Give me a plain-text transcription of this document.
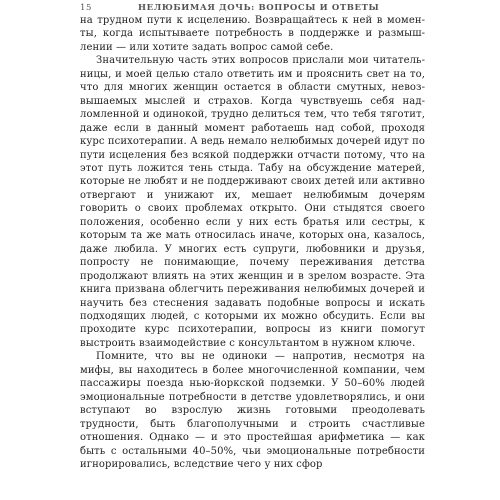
15	НЕЛЮБИМАЯ ДОЧЬ: ВОПРОСЫ И ОТВЕТЫ

на трудном пути к исцелению. Возвращайтесь к ней в моменты, когда испытываете потребность в поддержке и размышлении — или хотите задать вопрос самой себе.

Значительную часть этих вопросов прислали мои читательницы, и моей целью стало ответить им и прояснить свет на то, что для многих женщин остается в области смутных, невозвышаемых мыслей и страхов. Когда чувствуешь себя надломленной и одинокой, трудно делиться тем, что тебя тяготит, даже если в данный момент работаешь над собой, проходя курс психотерапии. А ведь немало нелюбимых дочерей идут по пути исцеления без всякой поддержки отчасти потому, что на этот путь ложится тень стыда. Табу на обсуждение матерей, которые не любят и не поддерживают своих детей или активно отвергают и унижают их, мешает нелюбимым дочерям говорить о своих проблемах открыто. Они стыдятся своего положения, особенно если у них есть братья или сестры, к которым та же мать относилась иначе, которых она, казалось, даже любила. У многих есть супруги, любовники и друзья, попросту не понимающие, почему переживания детства продолжают влиять на этих женщин и в зрелом возрасте. Эта книга призвана облегчить переживания нелюбимых дочерей и научить без стеснения задавать подобные вопросы и искать подходящих людей, с которыми их можно обсудить. Если вы проходите курс психотерапии, вопросы из книги помогут выстроить взаимодействие с консультантом в нужном ключе.

Помните, что вы не одиноки — напротив, несмотря на мифы, вы находитесь в более многочисленной компании, чем пассажиры поезда нью-йоркской подземки. У 50–60% людей эмоциональные потребности в детстве удовлетворялись, и они вступают во взрослую жизнь готовыми преодолевать трудности, быть благополучными и строить счастливые отношения. Однако — и это простейшая арифметика — как быть с остальными 40–50%, чьи эмоциональные потребности игнорировались, вследствие чего у них сфор
